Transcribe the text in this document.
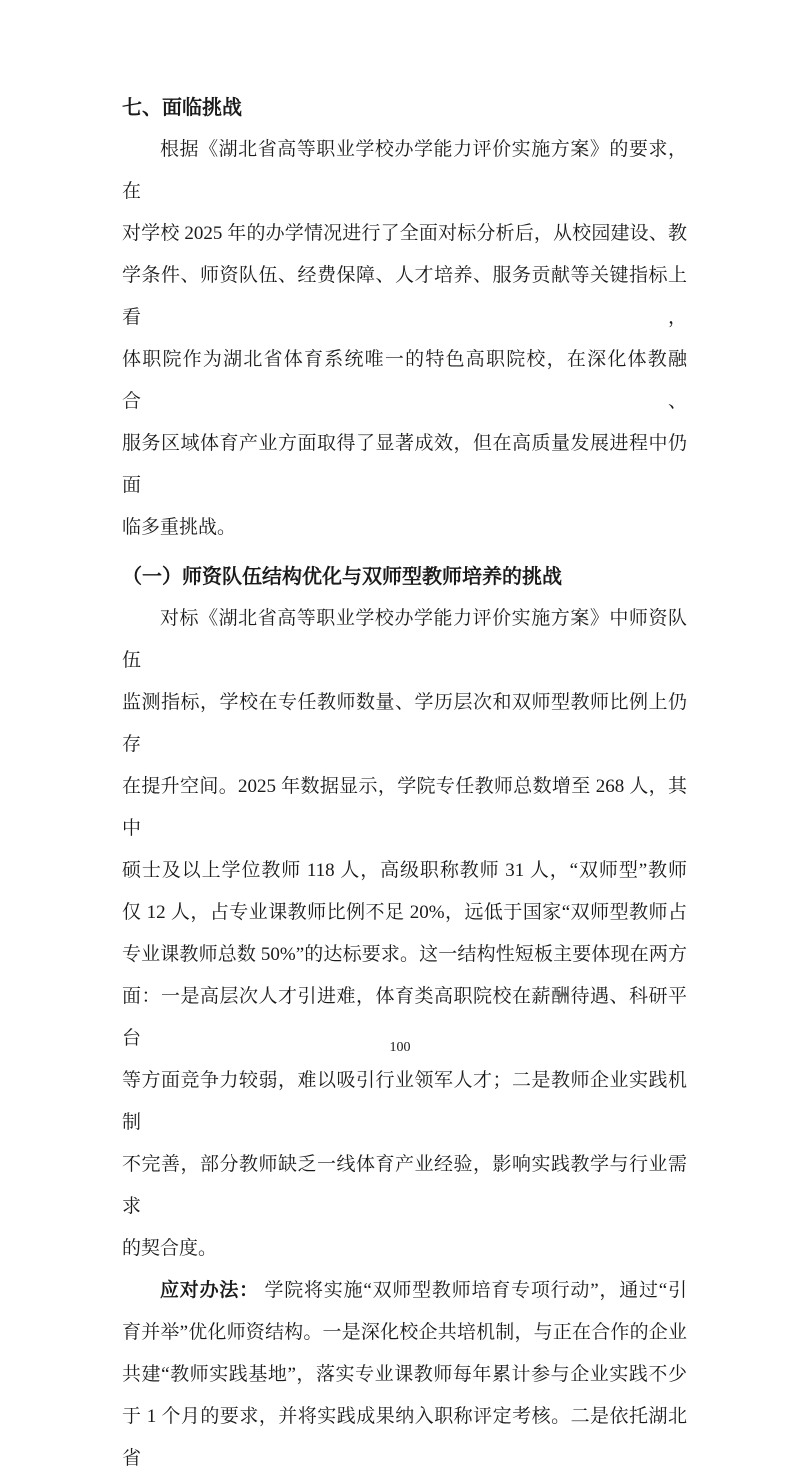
七、面临挑战
根据《湖北省高等职业学校办学能力评价实施方案》的要求，在
对学校 2025 年的办学情况进行了全面对标分析后，从校园建设、教
学条件、师资队伍、经费保障、人才培养、服务贡献等关键指标上看，
体职院作为湖北省体育系统唯一的特色高职院校，在深化体教融合、
服务区域体育产业方面取得了显著成效，但在高质量发展进程中仍面
临多重挑战。
（一）师资队伍结构优化与双师型教师培养的挑战
对标《湖北省高等职业学校办学能力评价实施方案》中师资队伍
监测指标，学校在专任教师数量、学历层次和双师型教师比例上仍存
在提升空间。2025 年数据显示，学院专任教师总数增至 268 人，其中
硕士及以上学位教师 118 人，高级职称教师 31 人，“双师型”教师
仅 12 人，占专业课教师比例不足 20%，远低于国家“双师型教师占
专业课教师总数 50%”的达标要求。这一结构性短板主要体现在两方
面：一是高层次人才引进难，体育类高职院校在薪酬待遇、科研平台
等方面竞争力较弱，难以吸引行业领军人才；二是教师企业实践机制
不完善，部分教师缺乏一线体育产业经验，影响实践教学与行业需求
的契合度。
应对办法： 学院将实施“双师型教师培育专项行动”，通过“引
育并举”优化师资结构。一是深化校企共培机制，与正在合作的企业
共建“教师实践基地”，落实专业课教师每年累计参与企业实践不少
于 1 个月的要求，并将实践成果纳入职称评定考核。二是依托湖北省
100
